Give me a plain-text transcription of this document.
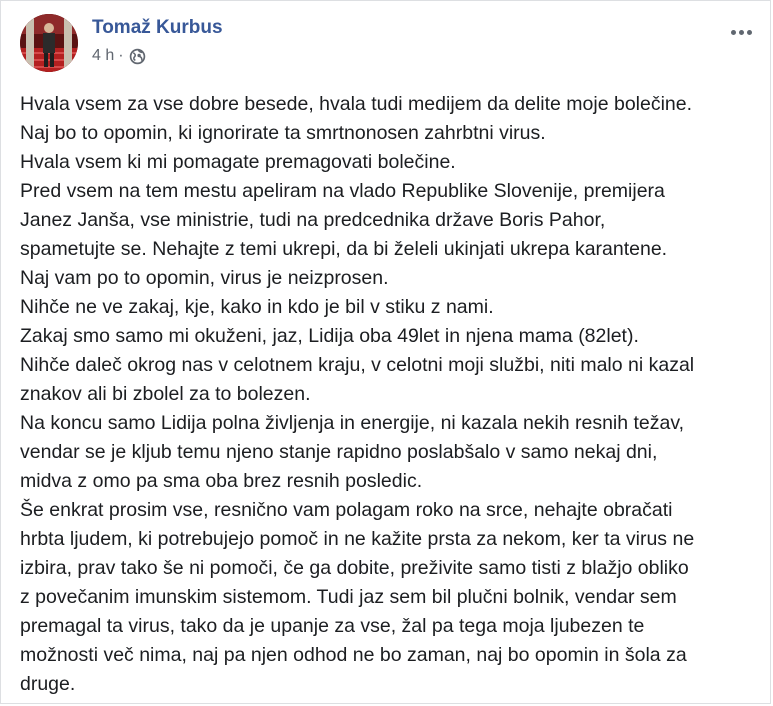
Tomaž Kurbus
4 h ·
Hvala vsem za vse dobre besede, hvala tudi medijem da delite moje bolečine.
Naj bo to opomin, ki ignorirate ta smrtnonosen zahrbtni virus.
Hvala vsem ki mi pomagate premagovati bolečine.
Pred vsem na tem mestu apeliram na vlado Republike Slovenije, premijera
Janez Janša, vse ministrie, tudi na predcednika države Boris Pahor,
spametujte se. Nehajte z temi ukrepi, da bi želeli ukinjati ukrepa karantene.
Naj vam po to opomin, virus je neizprosen.
Nihče ne ve zakaj, kje, kako in kdo je bil v stiku z nami.
Zakaj smo samo mi okuženi, jaz, Lidija oba 49let in njena mama (82let).
Nihče daleč okrog nas v celotnem kraju, v celotni moji službi, niti malo ni kazal
znakov ali bi zbolel za to bolezen.
Na koncu samo Lidija polna življenja in energije, ni kazala nekih resnih težav,
vendar se je kljub temu njeno stanje rapidno poslabšalo v samo nekaj dni,
midva z omo pa sma oba brez resnih posledic.
Še enkrat prosim vse, resnično vam polagam roko na srce, nehajte obračati
hrbta ljudem, ki potrebujejo pomoč in ne kažite prsta za nekom, ker ta virus ne
izbira, prav tako še ni pomoči, če ga dobite, preživite samo tisti z blažjo obliko
z povečanim imunskim sistemom. Tudi jaz sem bil plučni bolnik, vendar sem
premagal ta virus, tako da je upanje za vse, žal pa tega moja ljubezen te
možnosti več nima, naj pa njen odhod ne bo zaman, naj bo opomin in šola za
druge.
